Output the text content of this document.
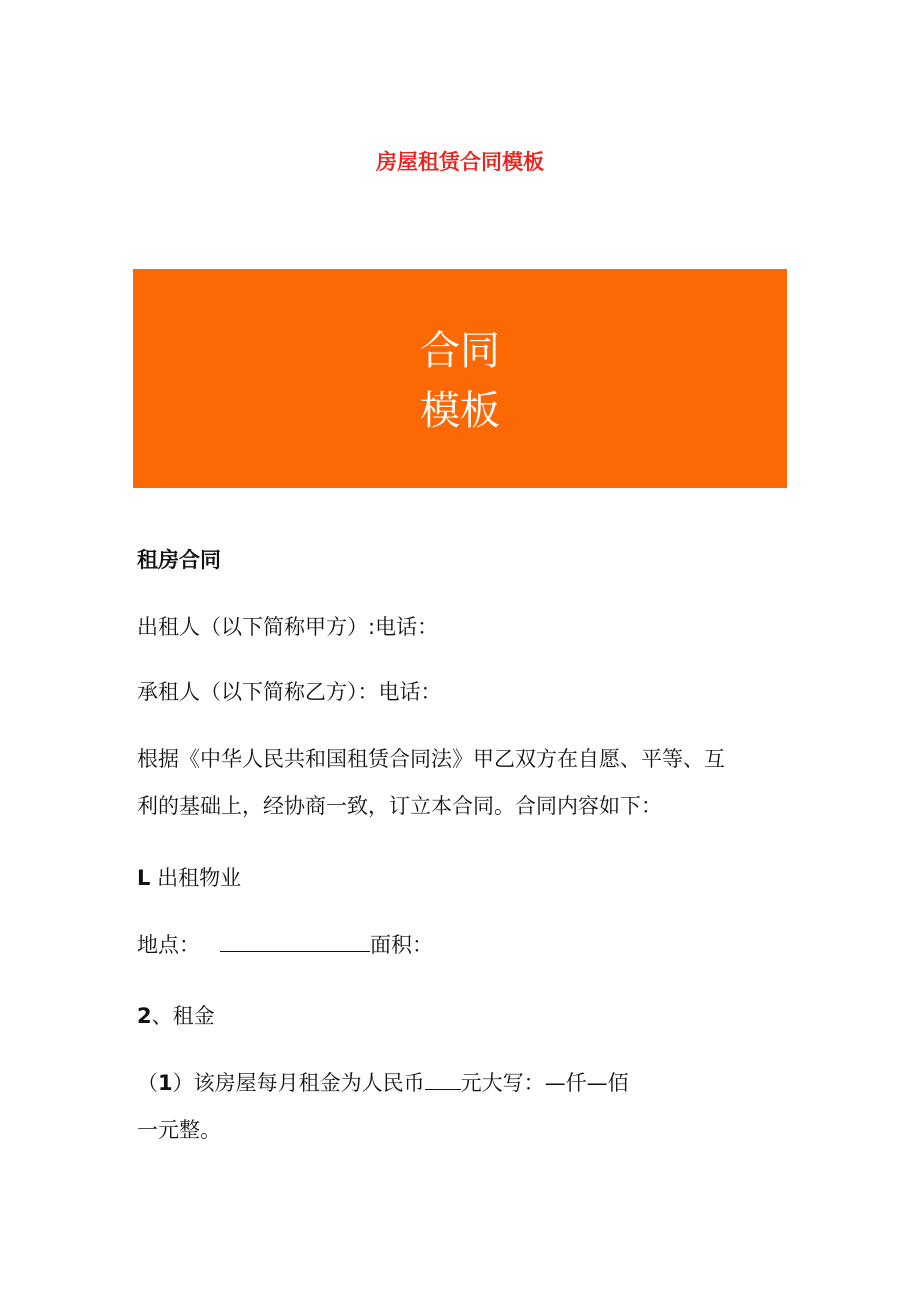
房屋租赁合同模板
合同
模板
租房合同
出租人（以下简称甲方）:电话：
承租人（以下简称乙方）：电话：
根据《中华人民共和国租赁合同法》甲乙双方在自愿、平等、互
利的基础上，经协商一致，订立本合同。合同内容如下：
L 出租物业
地点：	面积：
2、租金
（1）该房屋每月租金为人民币 元大写：—仟—佰
一元整。
